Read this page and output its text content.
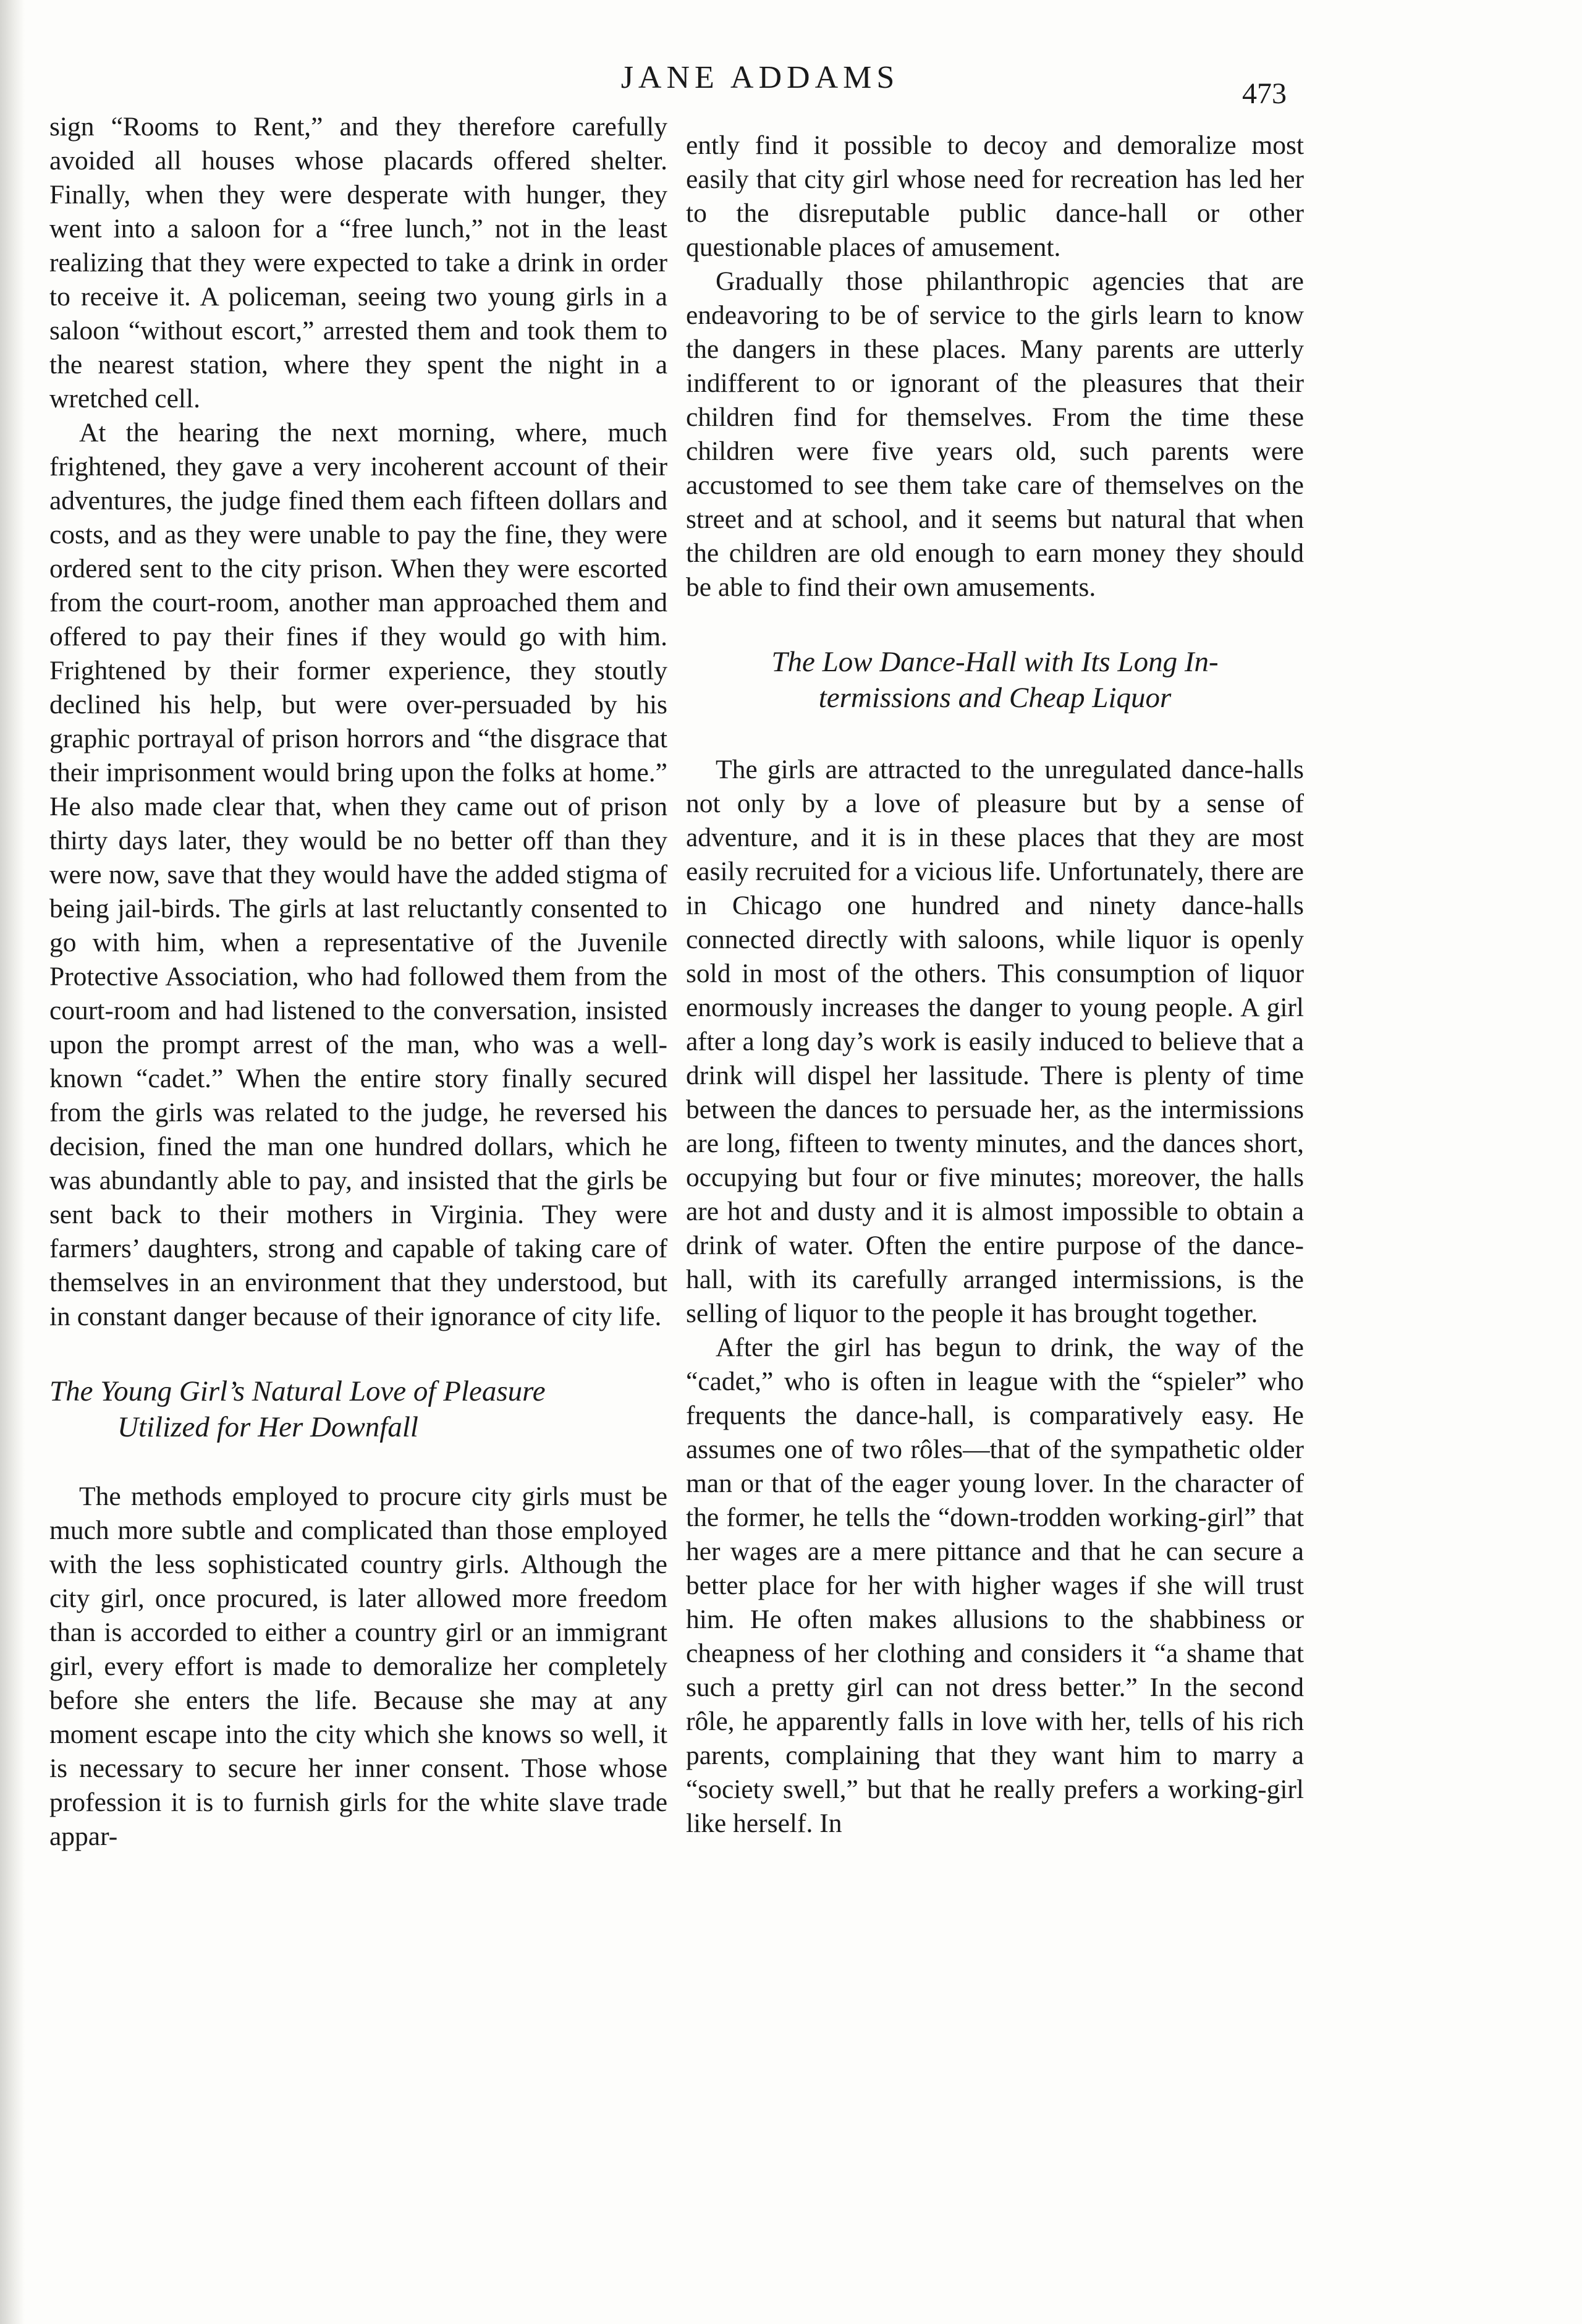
JANE ADDAMS	473

sign “Rooms to Rent,” and they therefore carefully avoided all houses whose placards offered shelter. Finally, when they were desperate with hunger, they went into a saloon for a “free lunch,” not in the least realizing that they were expected to take a drink in order to receive it. A policeman, seeing two young girls in a saloon “without escort,” arrested them and took them to the nearest station, where they spent the night in a wretched cell.

At the hearing the next morning, where, much frightened, they gave a very incoherent account of their adventures, the judge fined them each fifteen dollars and costs, and as they were unable to pay the fine, they were ordered sent to the city prison. When they were escorted from the court-room, another man approached them and offered to pay their fines if they would go with him. Frightened by their former experience, they stoutly declined his help, but were over-persuaded by his graphic portrayal of prison horrors and “the disgrace that their imprisonment would bring upon the folks at home.” He also made clear that, when they came out of prison thirty days later, they would be no better off than they were now, save that they would have the added stigma of being jail-birds. The girls at last reluctantly consented to go with him, when a representative of the Juvenile Protective Association, who had followed them from the court-room and had listened to the conversation, insisted upon the prompt arrest of the man, who was a well-known “cadet.” When the entire story finally secured from the girls was related to the judge, he reversed his decision, fined the man one hundred dollars, which he was abundantly able to pay, and insisted that the girls be sent back to their mothers in Virginia. They were farmers’ daughters, strong and capable of taking care of themselves in an environment that they understood, but in constant danger because of their ignorance of city life.

The Young Girl’s Natural Love of Pleasure
Utilized for Her Downfall

The methods employed to procure city girls must be much more subtle and complicated than those employed with the less sophisticated country girls. Although the city girl, once procured, is later allowed more freedom than is accorded to either a country girl or an immigrant girl, every effort is made to demoralize her completely before she enters the life. Because she may at any moment escape into the city which she knows so well, it is necessary to secure her inner consent. Those whose profession it is to furnish girls for the white slave trade appar-

ently find it possible to decoy and demoralize most easily that city girl whose need for recreation has led her to the disreputable public dance-hall or other questionable places of amusement.

Gradually those philanthropic agencies that are endeavoring to be of service to the girls learn to know the dangers in these places. Many parents are utterly indifferent to or ignorant of the pleasures that their children find for themselves. From the time these children were five years old, such parents were accustomed to see them take care of themselves on the street and at school, and it seems but natural that when the children are old enough to earn money they should be able to find their own amusements.

The Low Dance-Hall with Its Long In-
termissions and Cheap Liquor

The girls are attracted to the unregulated dance-halls not only by a love of pleasure but by a sense of adventure, and it is in these places that they are most easily recruited for a vicious life. Unfortunately, there are in Chicago one hundred and ninety dance-halls connected directly with saloons, while liquor is openly sold in most of the others. This consumption of liquor enormously increases the danger to young people. A girl after a long day’s work is easily induced to believe that a drink will dispel her lassitude. There is plenty of time between the dances to persuade her, as the intermissions are long, fifteen to twenty minutes, and the dances short, occupying but four or five minutes; moreover, the halls are hot and dusty and it is almost impossible to obtain a drink of water. Often the entire purpose of the dance-hall, with its carefully arranged intermissions, is the selling of liquor to the people it has brought together.

After the girl has begun to drink, the way of the “cadet,” who is often in league with the “spieler” who frequents the dance-hall, is comparatively easy. He assumes one of two rôles—that of the sympathetic older man or that of the eager young lover. In the character of the former, he tells the “down-trodden working-girl” that her wages are a mere pittance and that he can secure a better place for her with higher wages if she will trust him. He often makes allusions to the shabbiness or cheapness of her clothing and considers it “a shame that such a pretty girl can not dress better.” In the second rôle, he apparently falls in love with her, tells of his rich parents, complaining that they want him to marry a “society swell,” but that he really prefers a working-girl like herself. In
